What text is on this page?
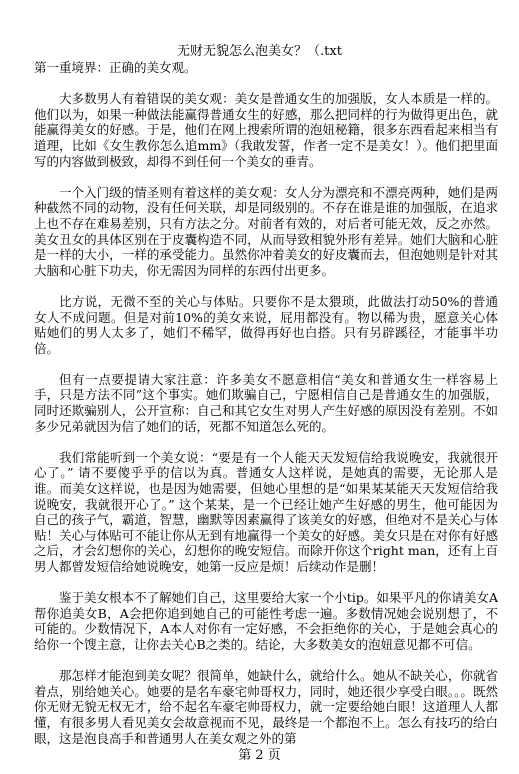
无财无貌怎么泡美女？（.txt

第一重境界：正确的美女观。

大多数男人有着错误的美女观：美女是普通女生的加强版，女人本质是一样的。他们以为，如果一种做法能赢得普通女生的好感，那么把同样的行为做得更出色，就能赢得美女的好感。于是，他们在网上搜索所谓的泡妞秘籍，很多东西看起来相当有道理，比如《女生教你怎么追mm》（我敢发誓，作者一定不是美女！）。他们把里面写的内容做到极致，却得不到任何一个美女的垂青。

一个入门级的情圣则有着这样的美女观：女人分为漂亮和不漂亮两种，她们是两种截然不同的动物，没有任何关联，却是同级别的。不存在谁是谁的加强版，在追求上也不存在难易差别，只有方法之分。对前者有效的，对后者可能无效，反之亦然。美女丑女的具体区别在于皮囊构造不同，从而导致相貌外形有差异。她们大脑和心脏是一样的大小，一样的承受能力。虽然你冲着美女的好皮囊而去，但泡她则是针对其大脑和心脏下功夫，你无需因为同样的东西付出更多。

比方说，无微不至的关心与体贴。只要你不是太猥琐，此做法打动50%的普通女人不成问题。但是对前10%的美女来说，屁用都没有。物以稀为贵，愿意关心体贴她们的男人太多了，她们不稀罕，做得再好也白搭。只有另辟蹊径，才能事半功倍。

但有一点要提请大家注意：许多美女不愿意相信“美女和普通女生一样容易上手，只是方法不同”这个事实。她们欺骗自己，宁愿相信自己是普通女生的加强版，同时还欺骗别人，公开宣称：自己和其它女生对男人产生好感的原因没有差别。不如多少兄弟就因为信了她们的话，死都不知道怎么死的。

我们常能听到一个美女说：“要是有一个人能天天发短信给我说晚安，我就很开心了。” 请不要傻乎乎的信以为真。普通女人这样说，是她真的需要，无论那人是谁。而美女这样说，也是因为她需要，但她心里想的是“如果某某能天天发短信给我说晚安，我就很开心了。” 这个某某，是一个已经让她产生好感的男生，他可能因为自己的孩子气，霸道，智慧，幽默等因素赢得了该美女的好感，但绝对不是关心与体贴！关心与体贴可不能让你从无到有地赢得一个美女的好感。美女只是在对你有好感之后，才会幻想你的关心，幻想你的晚安短信。而除开你这个right man，还有上百男人都曾发短信给她说晚安，她第一反应是烦！后续动作是删！

鉴于美女根本不了解她们自己，这里要给大家一个小tip。如果平凡的你请美女A帮你追美女B，A会把你追到她自己的可能性考虑一遍。多数情况她会说别想了，不可能的。少数情况下，A本人对你有一定好感，不会拒绝你的关心，于是她会真心的给你一个馊主意，让你去关心B之类的。结论，大多数美女的泡妞意见都不可信。

那怎样才能泡到美女呢？很简单，她缺什么，就给什么。她从不缺关心，你就省着点，别给她关心。她要的是名车豪宅帅哥权力，同时，她还很少享受白眼。。。既然你无财无貌无权无才，给不起名车豪宅帅哥权力，就一定要给她白眼！这道理人人都懂，有很多男人看见美女会故意视而不见，最终是一个都泡不上。怎么有技巧的给白眼，这是泡良高手和普通男人在美女观之外的第

第 2 页
